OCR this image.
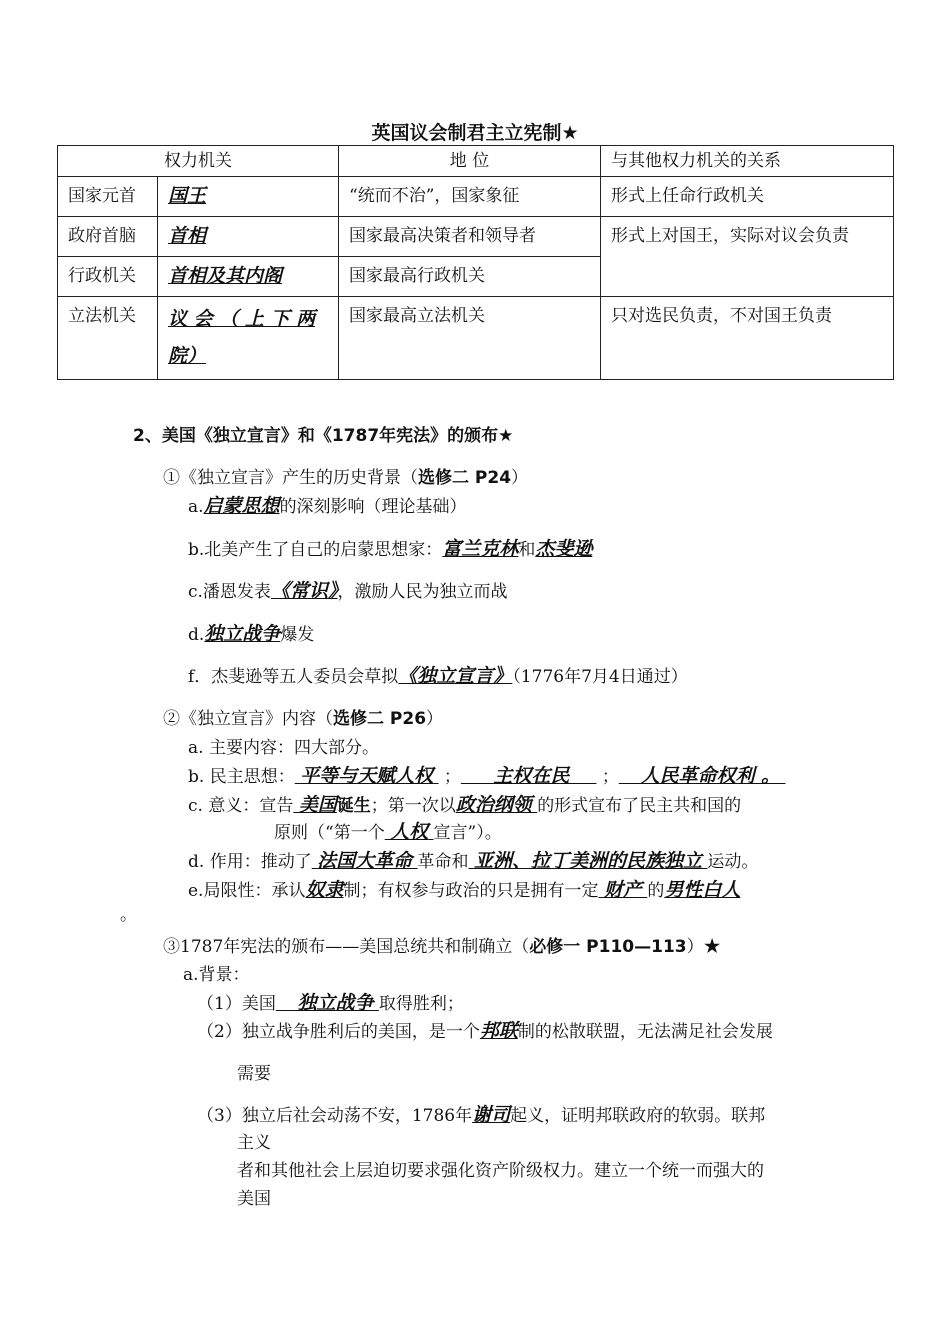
英国议会制君主立宪制★
权力机关		地 位	与其他权力机关的关系
国家元首	国王	“统而不治”，国家象征	形式上任命行政机关
政府首脑	首相	国家最高决策者和领导者	形式上对国王，实际对议会负责
行政机关	首相及其内阁	国家最高行政机关	
立法机关	议 会 （ 上 下 两 院）	国家最高立法机关	只对选民负责，不对国王负责
2、美国《独立宣言》和《1787年宪法》的颁布★
①《独立宣言》产生的历史背景（选修二 P24）
a.启蒙思想的深刻影响（理论基础）
b.北美产生了自己的启蒙思想家：富兰克林和杰斐逊
c.潘恩发表《常识》，激励人民为独立而战
d.独立战争爆发
f．杰斐逊等五人委员会草拟《独立宣言》（1776年7月4日通过）
②《独立宣言》内容（选修二 P26）
a. 主要内容：四大部分。
b. 民主思想： 平等与天赋人权  ； 主权在民      ； 人民革命权利 。
c. 意义：宣告 美国诞生；第一次以政治纲领 的形式宣布了民主共和国的
原则（“第一个 人权 宣言”）。
d. 作用：推动了 法国大革命 革命和 亚洲、拉丁美洲的民族独立 运动。
e.局限性：承认奴隶制；有权参与政治的只是拥有一定 财产 的男性白人
。
③1787年宪法的颁布——美国总统共和制确立（必修一 P110—113）★
a.背景：
（1）美国 独立战争 取得胜利；
（2）独立战争胜利后的美国，是一个邦联制的松散联盟，无法满足社会发展
需要
（3）独立后社会动荡不安，1786年谢司起义，证明邦联政府的软弱。联邦
主义
者和其他社会上层迫切要求强化资产阶级权力。建立一个统一而强大的
美国
